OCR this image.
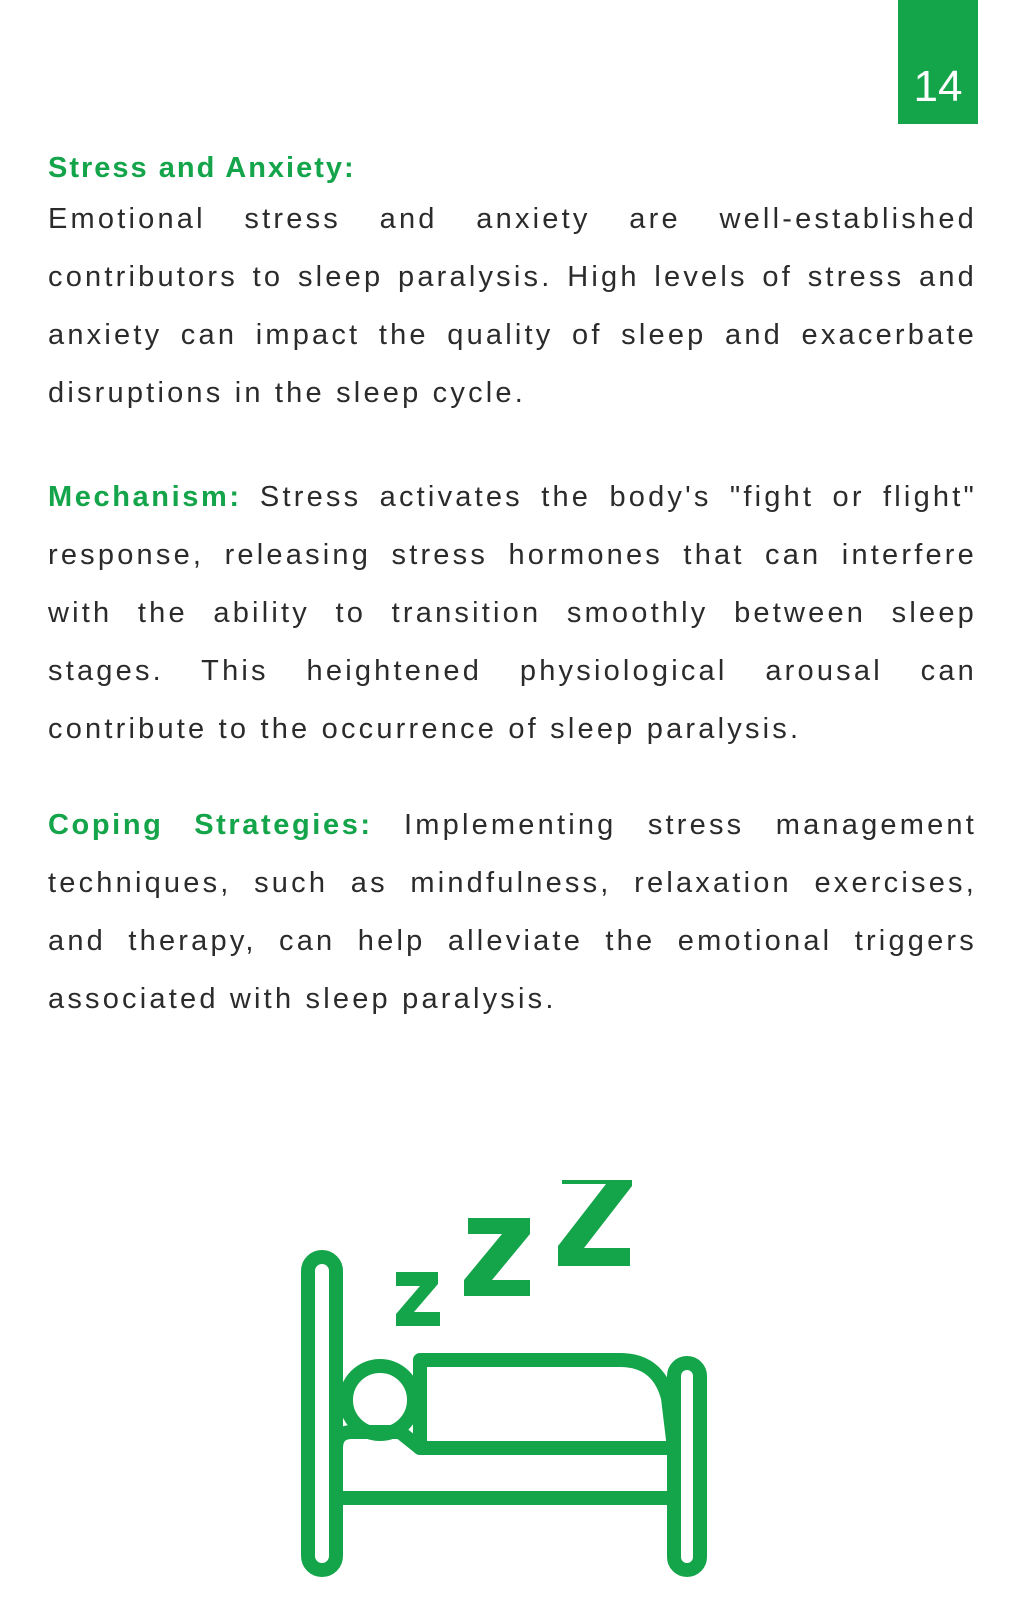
14
Stress and Anxiety:

Emotional stress and anxiety are well-established contributors to sleep paralysis. High levels of stress and anxiety can impact the quality of sleep and exacerbate disruptions in the sleep cycle.

Mechanism: Stress activates the body's "fight or flight" response, releasing stress hormones that can interfere with the ability to transition smoothly between sleep stages. This heightened physiological arousal can contribute to the occurrence of sleep paralysis.

Coping Strategies: Implementing stress management techniques, such as mindfulness, relaxation exercises, and therapy, can help alleviate the emotional triggers associated with sleep paralysis.
